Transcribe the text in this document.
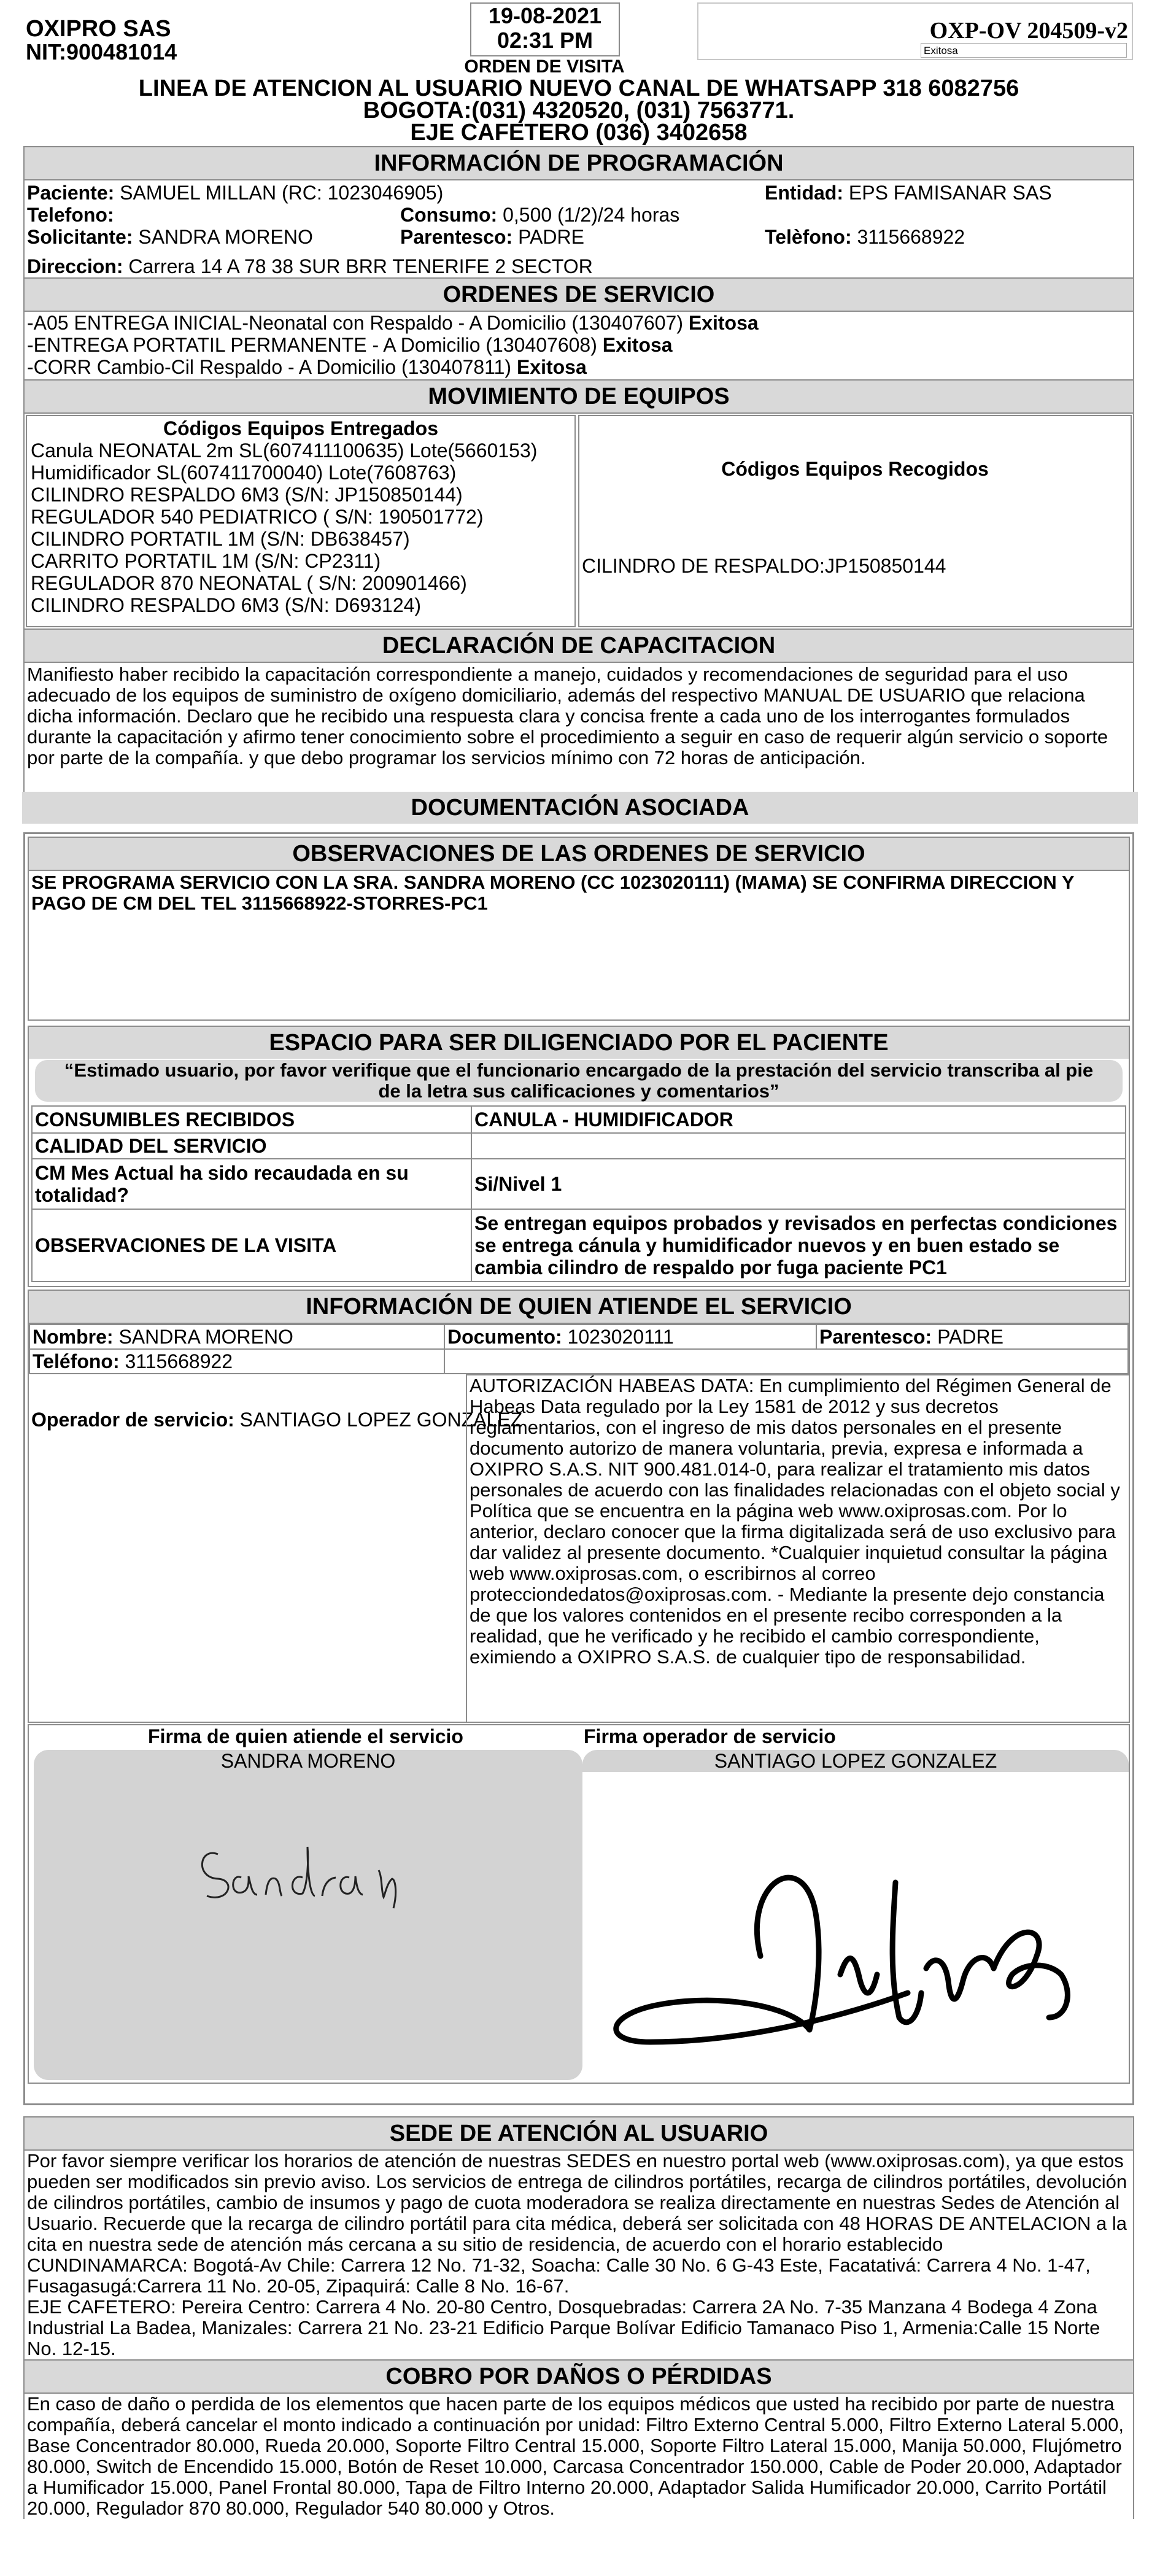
OXIPRO SAS
NIT:900481014
19-08-2021
02:31 PM
ORDEN DE VISITA
OXP-OV 204509-v2
Exitosa
LINEA DE ATENCION AL USUARIO NUEVO CANAL DE WHATSAPP 318 6082756
BOGOTA:(031) 4320520, (031) 7563771.
EJE CAFETERO (036) 3402658
INFORMACIÓN DE PROGRAMACIÓN
Paciente: SAMUEL MILLAN (RC: 1023046905)	Entidad: EPS FAMISANAR SAS
Telefono:	Consumo: 0,500 (1/2)/24 horas
Solicitante: SANDRA MORENO	Parentesco: PADRE	Telèfono: 3115668922
Direccion: Carrera 14 A 78 38 SUR BRR TENERIFE 2 SECTOR
ORDENES DE SERVICIO
-A05 ENTREGA INICIAL-Neonatal con Respaldo - A Domicilio (130407607) Exitosa
-ENTREGA PORTATIL PERMANENTE - A Domicilio (130407608) Exitosa
-CORR Cambio-Cil Respaldo - A Domicilio (130407811) Exitosa
MOVIMIENTO DE EQUIPOS
Códigos Equipos Entregados
Canula NEONATAL 2m SL(607411100635) Lote(5660153)
Humidificador SL(607411700040) Lote(7608763)
CILINDRO RESPALDO 6M3 (S/N: JP150850144)
REGULADOR 540 PEDIATRICO ( S/N: 190501772)
CILINDRO PORTATIL 1M (S/N: DB638457)
CARRITO PORTATIL 1M (S/N: CP2311)
REGULADOR 870 NEONATAL ( S/N: 200901466)
CILINDRO RESPALDO 6M3 (S/N: D693124)
Códigos Equipos Recogidos
CILINDRO DE RESPALDO:JP150850144
DECLARACIÓN DE CAPACITACION
Manifiesto haber recibido la capacitación correspondiente a manejo, cuidados y recomendaciones de seguridad para el uso adecuado de los equipos de suministro de oxígeno domiciliario, además del respectivo MANUAL DE USUARIO que relaciona dicha información. Declaro que he recibido una respuesta clara y concisa frente a cada uno de los interrogantes formulados durante la capacitación y afirmo tener conocimiento sobre el procedimiento a seguir en caso de requerir algún servicio o soporte por parte de la compañía. y que debo programar los servicios mínimo con 72 horas de anticipación.
DOCUMENTACIÓN ASOCIADA
OBSERVACIONES DE LAS ORDENES DE SERVICIO
SE PROGRAMA SERVICIO CON LA SRA. SANDRA MORENO (CC 1023020111) (MAMA) SE CONFIRMA DIRECCION Y PAGO DE CM DEL TEL 3115668922-STORRES-PC1
ESPACIO PARA SER DILIGENCIADO POR EL PACIENTE
“Estimado usuario, por favor verifique que el funcionario encargado de la prestación del servicio transcriba al pie de la letra sus calificaciones y comentarios”
CONSUMIBLES RECIBIDOS	CANULA - HUMIDIFICADOR
CALIDAD DEL SERVICIO	
CM Mes Actual ha sido recaudada en su totalidad?	Si/Nivel 1
OBSERVACIONES DE LA VISITA	Se entregan equipos probados y revisados en perfectas condiciones se entrega cánula y humidificador nuevos y en buen estado se cambia cilindro de respaldo por fuga paciente PC1
INFORMACIÓN DE QUIEN ATIENDE EL SERVICIO
Nombre: SANDRA MORENO	Documento: 1023020111	Parentesco: PADRE
Teléfono: 3115668922		
Operador de servicio: SANTIAGO LOPEZ GONZALEZ
AUTORIZACIÓN HABEAS DATA: En cumplimiento del Régimen General de Habeas Data regulado por la Ley 1581 de 2012 y sus decretos reglamentarios, con el ingreso de mis datos personales en el presente documento autorizo de manera voluntaria, previa, expresa e informada a OXIPRO S.A.S. NIT 900.481.014-0, para realizar el tratamiento mis datos personales de acuerdo con las finalidades relacionadas con el objeto social y Política que se encuentra en la página web www.oxiprosas.com. Por lo anterior, declaro conocer que la firma digitalizada será de uso exclusivo para dar validez al presente documento. *Cualquier inquietud consultar la página web www.oxiprosas.com, o escribirnos al correo protecciondedatos@oxiprosas.com. - Mediante la presente dejo constancia de que los valores contenidos en el presente recibo corresponden a la realidad, que he verificado y he recibido el cambio correspondiente, eximiendo a OXIPRO S.A.S. de cualquier tipo de responsabilidad.
Firma de quien atiende el servicio
SANDRA MORENO
Firma operador de servicio
SANTIAGO LOPEZ GONZALEZ
SEDE DE ATENCIÓN AL USUARIO
Por favor siempre verificar los horarios de atención de nuestras SEDES en nuestro portal web (www.oxiprosas.com), ya que estos pueden ser modificados sin previo aviso. Los servicios de entrega de cilindros portátiles, recarga de cilindros portátiles, devolución de cilindros portátiles, cambio de insumos y pago de cuota moderadora se realiza directamente en nuestras Sedes de Atención al Usuario. Recuerde que la recarga de cilindro portátil para cita médica, deberá ser solicitada con 48 HORAS DE ANTELACION a la cita en nuestra sede de atención más cercana a su sitio de residencia, de acuerdo con el horario establecido
CUNDINAMARCA: Bogotá-Av Chile: Carrera 12 No. 71-32, Soacha: Calle 30 No. 6 G-43 Este, Facatativá: Carrera 4 No. 1-47, Fusagasugá:Carrera 11 No. 20-05, Zipaquirá: Calle 8 No. 16-67.
EJE CAFETERO: Pereira Centro: Carrera 4 No. 20-80 Centro, Dosquebradas: Carrera 2A No. 7-35 Manzana 4 Bodega 4 Zona Industrial La Badea, Manizales: Carrera 21 No. 23-21 Edificio Parque Bolívar Edificio Tamanaco Piso 1, Armenia:Calle 15 Norte No. 12-15.
COBRO POR DAÑOS O PÉRDIDAS
En caso de daño o perdida de los elementos que hacen parte de los equipos médicos que usted ha recibido por parte de nuestra compañía, deberá cancelar el monto indicado a continuación por unidad: Filtro Externo Central 5.000, Filtro Externo Lateral 5.000, Base Concentrador 80.000, Rueda 20.000, Soporte Filtro Central 15.000, Soporte Filtro Lateral 15.000, Manija 50.000, Flujómetro 80.000, Switch de Encendido 15.000, Botón de Reset 10.000, Carcasa Concentrador 150.000, Cable de Poder 20.000, Adaptador a Humificador 15.000, Panel Frontal 80.000, Tapa de Filtro Interno 20.000, Adaptador Salida Humificador 20.000, Carrito Portátil 20.000, Regulador 870 80.000, Regulador 540 80.000 y Otros.
